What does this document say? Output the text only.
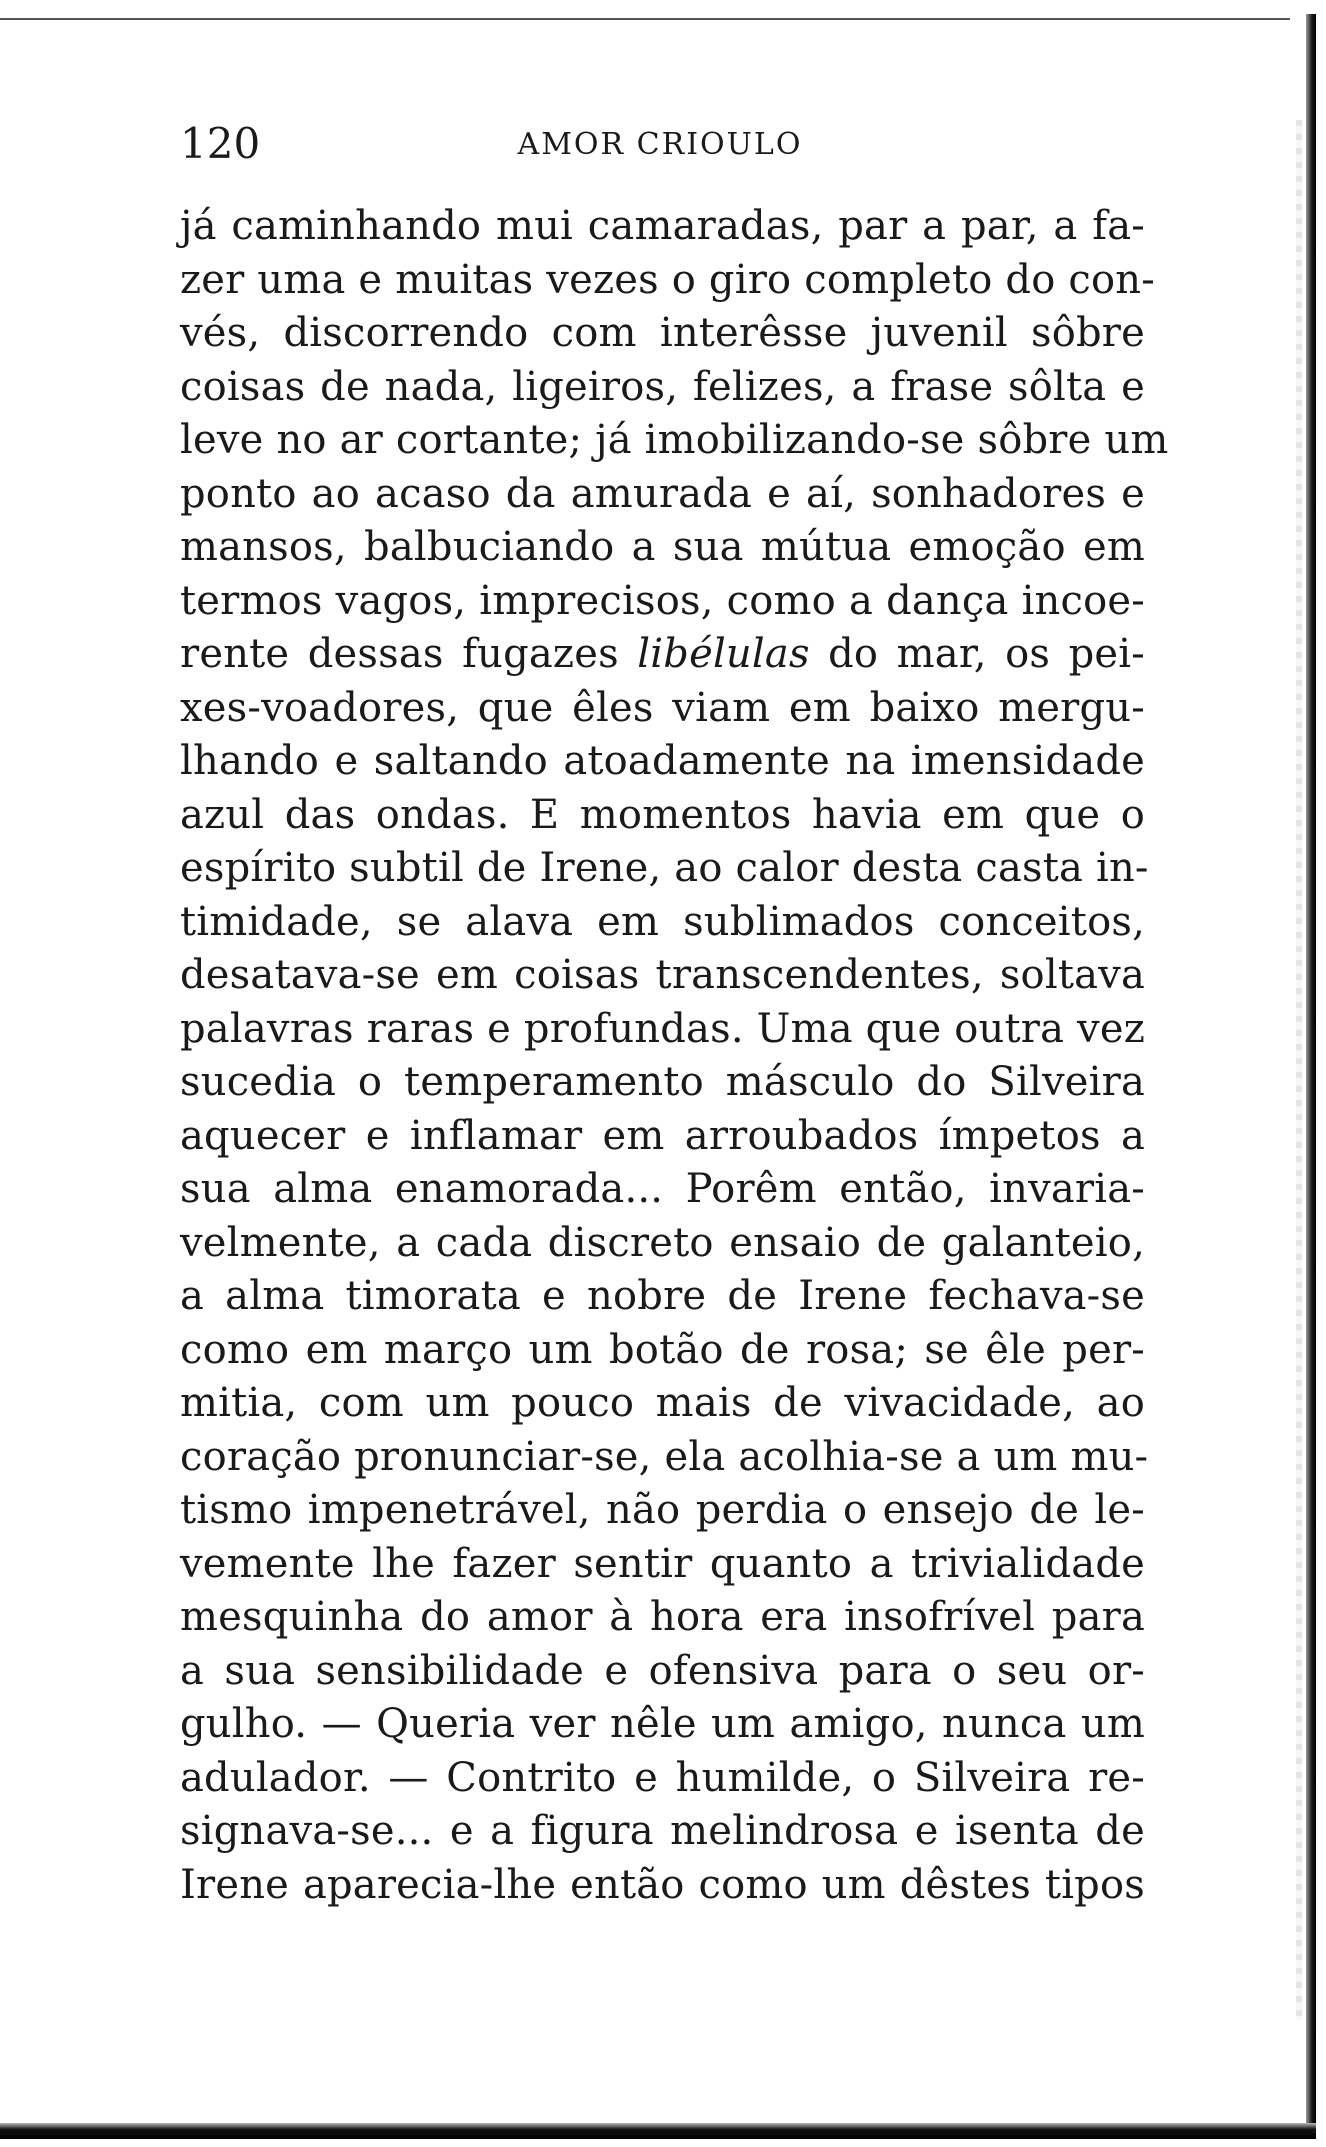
120	AMOR CRIOULO
já caminhando mui camaradas, par a par, a fa-
zer uma e muitas vezes o giro completo do con-
vés, discorrendo com interêsse juvenil sôbre
coisas de nada, ligeiros, felizes, a frase sôlta e
leve no ar cortante; já imobilizando-se sôbre um
ponto ao acaso da amurada e aí, sonhadores e
mansos, balbuciando a sua mútua emoção em
termos vagos, imprecisos, como a dança incoe-
rente dessas fugazes libélulas do mar, os pei-
xes-voadores, que êles viam em baixo mergu-
lhando e saltando atoadamente na imensidade
azul das ondas. E momentos havia em que o
espírito subtil de Irene, ao calor desta casta in-
timidade, se alava em sublimados conceitos,
desatava-se em coisas transcendentes, soltava
palavras raras e profundas. Uma que outra vez
sucedia o temperamento másculo do Silveira
aquecer e inflamar em arroubados ímpetos a
sua alma enamorada... Porêm então, invaria-
velmente, a cada discreto ensaio de galanteio,
a alma timorata e nobre de Irene fechava-se
como em março um botão de rosa; se êle per-
mitia, com um pouco mais de vivacidade, ao
coração pronunciar-se, ela acolhia-se a um mu-
tismo impenetrável, não perdia o ensejo de le-
vemente lhe fazer sentir quanto a trivialidade
mesquinha do amor à hora era insofrível para
a sua sensibilidade e ofensiva para o seu or-
gulho. — Queria ver nêle um amigo, nunca um
adulador. — Contrito e humilde, o Silveira re-
signava-se... e a figura melindrosa e isenta de
Irene aparecia-lhe então como um dêstes tipos
